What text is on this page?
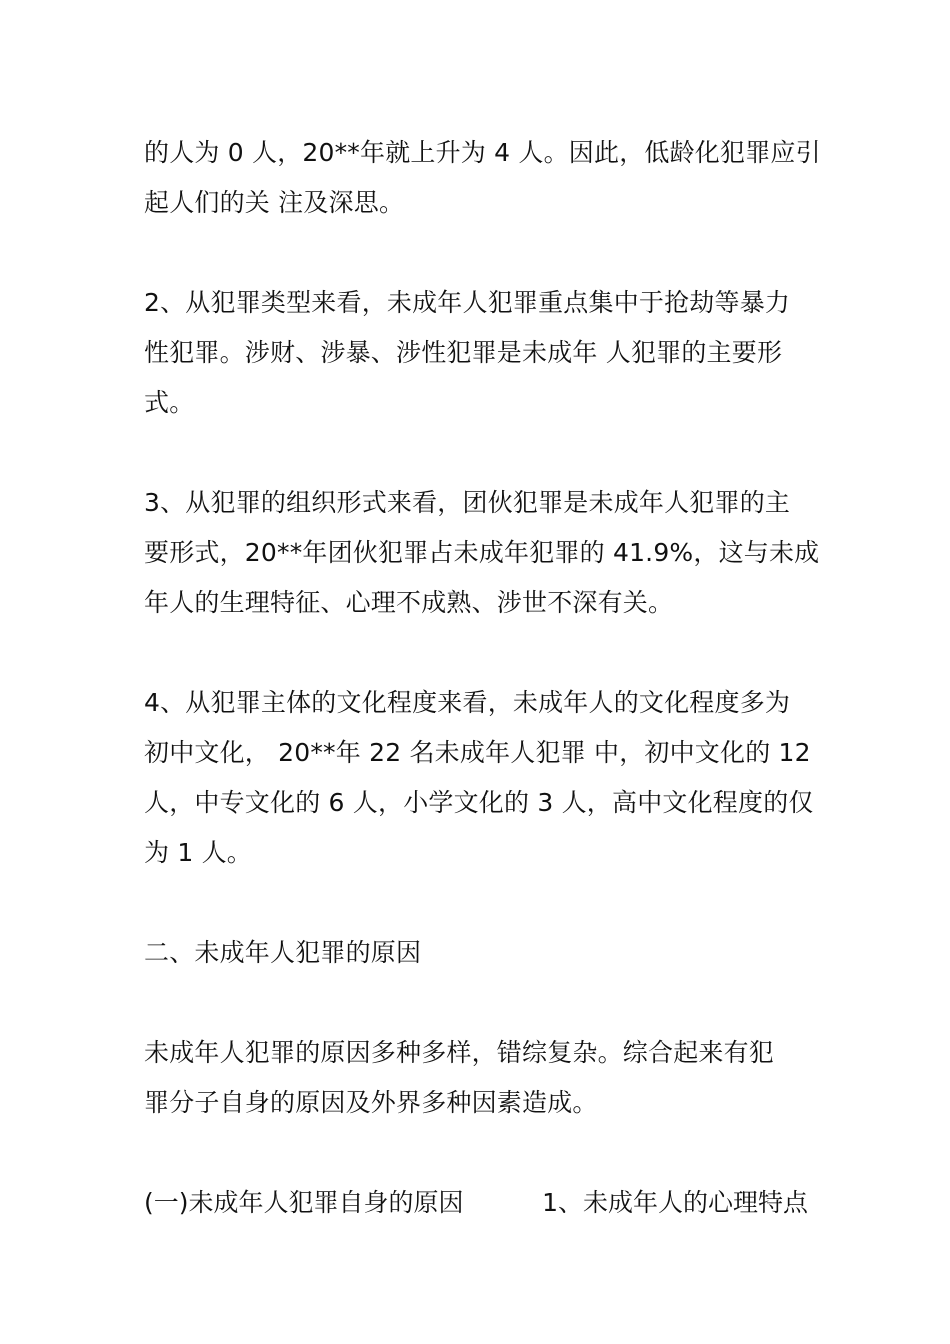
的人为 0 人，20**年就上升为 4 人。因此，低龄化犯罪应引
起人们的关 注及深思。

2、从犯罪类型来看，未成年人犯罪重点集中于抢劫等暴力
性犯罪。涉财、涉暴、涉性犯罪是未成年 人犯罪的主要形
式。

3、从犯罪的组织形式来看，团伙犯罪是未成年人犯罪的主
要形式，20**年团伙犯罪占未成年犯罪的 41.9%，这与未成
年人的生理特征、心理不成熟、涉世不深有关。

4、从犯罪主体的文化程度来看，未成年人的文化程度多为
初中文化， 20**年 22 名未成年人犯罪 中，初中文化的 12
人，中专文化的 6 人，小学文化的 3 人，高中文化程度的仅
为 1 人。

二、未成年人犯罪的原因

未成年人犯罪的原因多种多样，错综复杂。综合起来有犯
罪分子自身的原因及外界多种因素造成。

(一)未成年人犯罪自身的原因	1、未成年人的心理特点
